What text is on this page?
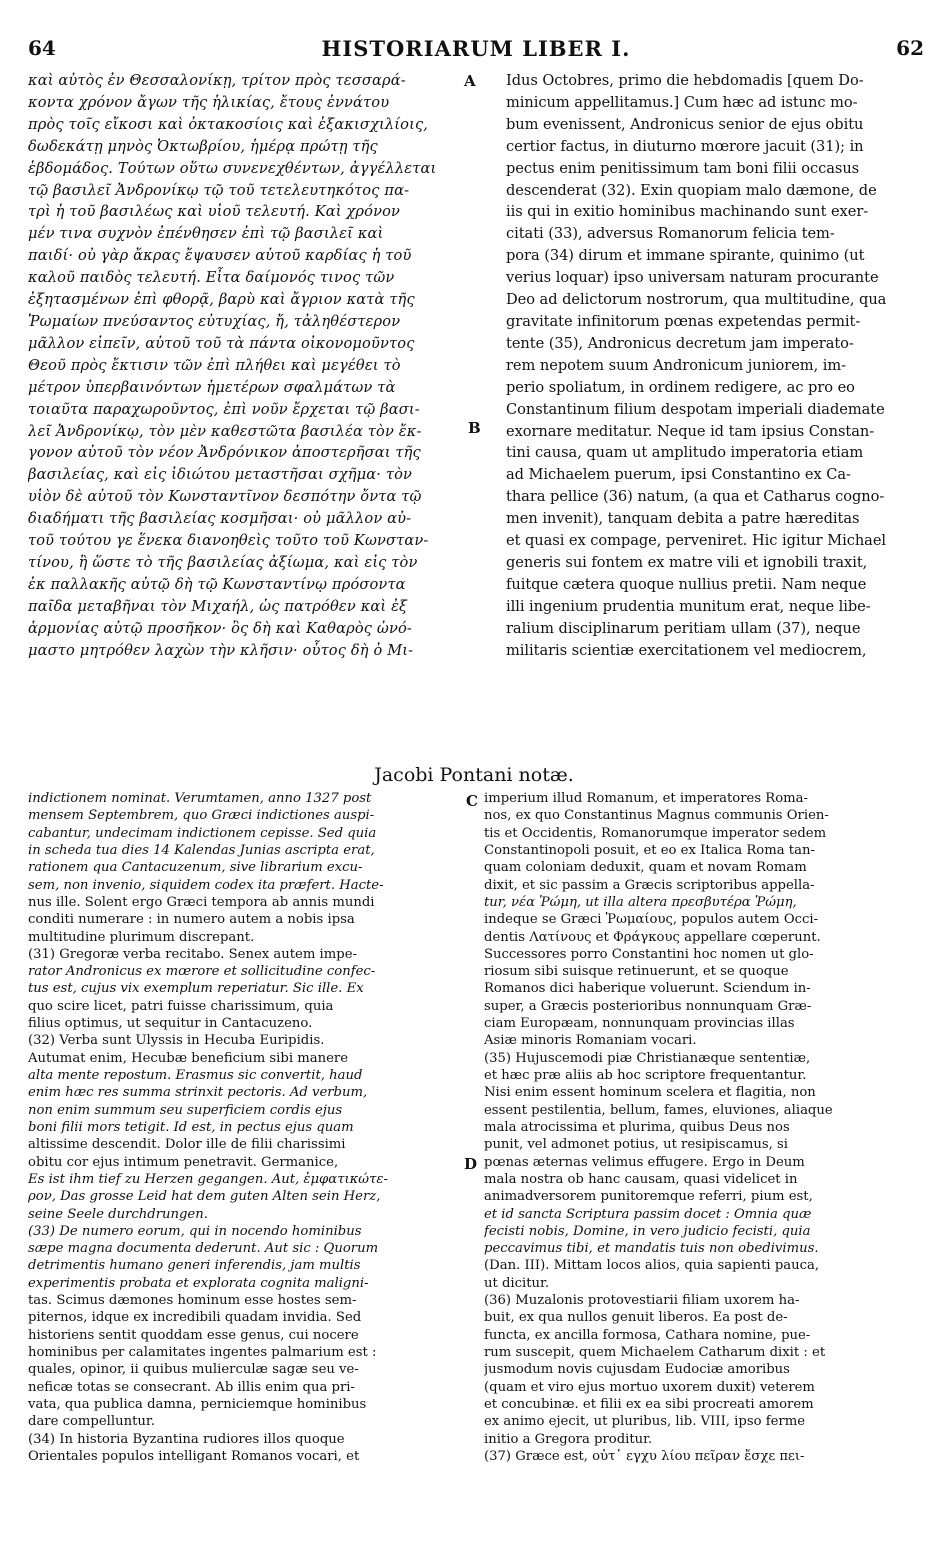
HISTORIARUM LIBER I.
64	62
καὶ αὐτὸς ἐν Θεσσαλονίκῃ, τρίτον πρὸς τεσσαρά-
κοντα χρόνον ἄγων τῆς ἡλικίας, ἔτους ἐννάτου
πρὸς τοῖς εἴκοσι καὶ ὀκτακοσίοις καὶ ἑξακισχιλίοις,
δωδεκάτῃ μηνὸς Ὀκτωβρίου, ἡμέρᾳ πρώτῃ τῆς
ἑβδομάδος. Τούτων οὕτω συνενεχθέντων, ἀγγέλλεται
τῷ βασιλεῖ Ἀνδρονίκῳ τῷ τοῦ τετελευτηκότος πα-
τρὶ ἡ τοῦ βασιλέως καὶ υἱοῦ τελευτή. Καὶ χρόνον
μέν τινα συχνὸν ἐπένθησεν ἐπὶ τῷ βασιλεῖ καὶ
παιδί· οὐ γὰρ ἄκρας ἔψαυσεν αὐτοῦ καρδίας ἡ τοῦ
καλοῦ παιδὸς τελευτή. Εἶτα δαίμονός τινος τῶν
ἐξητασμένων ἐπὶ φθορᾷ, βαρὺ καὶ ἄγριον κατὰ τῆς
Ῥωμαίων πνεύσαντος εὐτυχίας, ἤ, τἀληθέστερον
μᾶλλον εἰπεῖν, αὐτοῦ τοῦ τὰ πάντα οἰκονομοῦντος
Θεοῦ πρὸς ἔκτισιν τῶν ἐπὶ πλήθει καὶ μεγέθει τὸ
μέτρον ὑπερβαινόντων ἡμετέρων σφαλμάτων τὰ
τοιαῦτα παραχωροῦντος, ἐπὶ νοῦν ἔρχεται τῷ βασι-
λεῖ Ἀνδρονίκῳ, τὸν μὲν καθεστῶτα βασιλέα τὸν ἔκ-
γονον αὐτοῦ τὸν νέον Ἀνδρόνικον ἀποστερῆσαι τῆς
βασιλείας, καὶ εἰς ἰδιώτου μεταστῆσαι σχῆμα· τὸν
υἱὸν δὲ αὐτοῦ τὸν Κωνσταντῖνον δεσπότην ὄντα τῷ
διαδήματι τῆς βασιλείας κοσμῆσαι· οὐ μᾶλλον αὐ-
τοῦ τούτου γε ἕνεκα διανοηθεὶς τοῦτο τοῦ Κωνσταν-
τίνου, ἢ ὥστε τὸ τῆς βασιλείας ἀξίωμα, καὶ εἰς τὸν
ἐκ παλλακῆς αὐτῷ δὴ τῷ Κωνσταντίνῳ πρόσοντα
παῖδα μεταβῆναι τὸν Μιχαήλ, ὡς πατρόθεν καὶ ἐξ
ἁρμονίας αὐτῷ προσῆκον· ὃς δὴ καὶ Καθαρὸς ὠνό-
μαστο μητρόθεν λαχὼν τὴν κλῆσιν· οὗτος δὴ ὁ Μι-
Idus Octobres, primo die hebdomadis [quem Do-
minicum appellitamus.] Cum hæc ad istunc mo-
bum evenissent, Andronicus senior de ejus obitu
certior factus, in diuturno mœrore jacuit (31); in
pectus enim penitissimum tam boni filii occasus
descenderat (32). Exin quopiam malo dæmone, de
iis qui in exitio hominibus machinando sunt exer-
citati (33), adversus Romanorum felicia tem-
pora (34) dirum et immane spirante, quinimo (ut
verius loquar) ipso universam naturam procurante
Deo ad delictorum nostrorum, qua multitudine, qua
gravitate infinitorum pœnas expetendas permit-
tente (35), Andronicus decretum jam imperato-
rem nepotem suum Andronicum juniorem, im-
perio spoliatum, in ordinem redigere, ac pro eo
Constantinum filium despotam imperiali diademate
exornare meditatur. Neque id tam ipsius Constan-
tini causa, quam ut amplitudo imperatoria etiam
ad Michaelem puerum, ipsi Constantino ex Ca-
thara pellice (36) natum, (a qua et Catharus cogno-
men invenit), tanquam debita a patre hæreditas
et quasi ex compage, perveniret. Hic igitur Michael
generis sui fontem ex matre vili et ignobili traxit,
fuitque cætera quoque nullius pretii. Nam neque
illi ingenium prudentia munitum erat, neque libe-
ralium disciplinarum peritiam ullam (37), neque
militaris scientiæ exercitationem vel mediocrem,
A
B
Jacobi Pontani notæ.
indictionem nominat. Verumtamen, anno 1327 post
mensem Septembrem, quo Græci indictiones auspi-
cabantur, undecimam indictionem cepisse. Sed quia
in scheda tua dies 14 Kalendas Junias ascripta erat,
rationem qua Cantacuzenum, sive librarium excu-
sem, non invenio, siquidem codex ita præfert. Hacte-
nus ille. Solent ergo Græci tempora ab annis mundi
conditi numerare : in numero autem a nobis ipsa
multitudine plurimum discrepant.
(31) Gregoræ verba recitabo. Senex autem impe-
rator Andronicus ex mœrore et sollicitudine confec-
tus est, cujus vix exemplum reperiatur. Sic ille. Ex
quo scire licet, patri fuisse charissimum, quia
filius optimus, ut sequitur in Cantacuzeno.
(32) Verba sunt Ulyssis in Hecuba Euripidis.
Autumat enim, Hecubæ beneficium sibi manere
alta mente repostum. Erasmus sic convertit, haud
enim hæc res summa strinxit pectoris. Ad verbum,
non enim summum seu superficiem cordis ejus
boni filii mors tetigit. Id est, in pectus ejus quam
altissime descendit. Dolor ille de filii charissimi
obitu cor ejus intimum penetravit. Germanice,
Es ist ihm tief zu Herzen gegangen. Aut, ἐμφατικώτε-
ρον, Das grosse Leid hat dem guten Alten sein Herz,
seine Seele durchdrungen.
(33) De numero eorum, qui in nocendo hominibus
sæpe magna documenta dederunt. Aut sic : Quorum
detrimentis humano generi inferendis, jam multis
experimentis probata et explorata cognita maligni-
tas. Scimus dæmones hominum esse hostes sem-
piternos, idque ex incredibili quadam invidia. Sed
historiens sentit quoddam esse genus, cui nocere
hominibus per calamitates ingentes palmarium est :
quales, opinor, ii quibus mulierculæ sagæ seu ve-
neficæ totas se consecrant. Ab illis enim qua pri-
vata, qua publica damna, perniciemque hominibus
dare compelluntur.
(34) In historia Byzantina rudiores illos quoque
Orientales populos intelligant Romanos vocari, et
imperium illud Romanum, et imperatores Roma-
nos, ex quo Constantinus Magnus communis Orien-
tis et Occidentis, Romanorumque imperator sedem
Constantinopoli posuit, et eo ex Italica Roma tan-
quam coloniam deduxit, quam et novam Romam
dixit, et sic passim a Græcis scriptoribus appella-
tur, νέα Ῥώμη, ut illa altera πρεσβυτέρα Ῥώμη,
indeque se Græci Ῥωμαίους, populos autem Occi-
dentis Λατίνους et Φράγκους appellare cœperunt.
Successores porro Constantini hoc nomen ut glo-
riosum sibi suisque retinuerunt, et se quoque
Romanos dici haberique voluerunt. Sciendum in-
super, a Græcis posterioribus nonnunquam Græ-
ciam Europæam, nonnunquam provincias illas
Asiæ minoris Romaniam vocari.
(35) Hujuscemodi piæ Christianæque sententiæ,
et hæc præ aliis ab hoc scriptore frequentantur.
Nisi enim essent hominum scelera et flagitia, non
essent pestilentia, bellum, fames, eluviones, aliaque
mala atrocissima et plurima, quibus Deus nos
punit, vel admonet potius, ut resipiscamus, si
pœnas æternas velimus effugere. Ergo in Deum
mala nostra ob hanc causam, quasi videlicet in
animadversorem punitoremque referri, pium est,
et id sancta Scriptura passim docet : Omnia quæ
fecisti nobis, Domine, in vero judicio fecisti, quia
peccavimus tibi, et mandatis tuis non obedivimus.
(Dan. III). Mittam locos alios, quia sapienti pauca,
ut dicitur.
(36) Muzalonis protovestiarii filiam uxorem ha-
buit, ex qua nullos genuit liberos. Ea post de-
functa, ex ancilla formosa, Cathara nomine, pue-
rum suscepit, quem Michaelem Catharum dixit : et
jusmodum novis cujusdam Eudociæ amoribus
(quam et viro ejus mortuo uxorem duxit) veterem
et concubinæ. et filii ex ea sibi procreati amorem
ex animo ejecit, ut pluribus, lib. VIII, ipso ferme
initio a Gregora proditur.
(37) Græce est, οὐτ᾽ εγχυ λίου πεῖραν ἔσχε πει-
C
D
